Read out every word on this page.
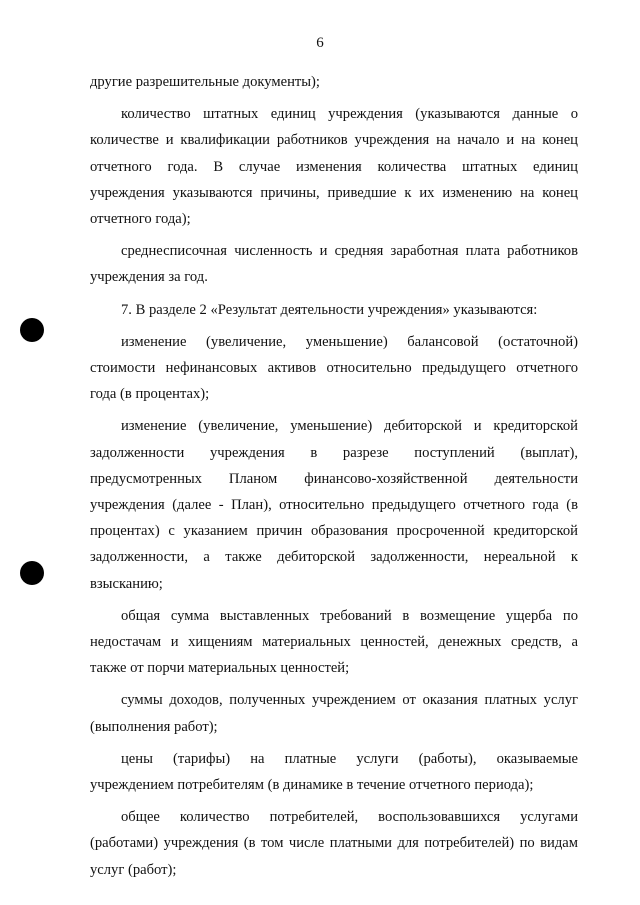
6
другие разрешительные документы);
количество штатных единиц учреждения (указываются данные о
количестве и квалификации работников учреждения на начало и на конец
отчетного года. В случае изменения количества штатных единиц
учреждения указываются причины, приведшие к их изменению на конец
отчетного года);
среднесписочная численность и средняя заработная плата работников
учреждения за год.
7. В разделе 2 «Результат деятельности учреждения» указываются:
изменение (увеличение, уменьшение) балансовой (остаточной)
стоимости нефинансовых активов относительно предыдущего отчетного
года (в процентах);
изменение (увеличение, уменьшение) дебиторской и кредиторской
задолженности учреждения в разрезе поступлений (выплат),
предусмотренных Планом финансово-хозяйственной деятельности
учреждения (далее - План), относительно предыдущего отчетного года (в
процентах) с указанием причин образования просроченной кредиторской
задолженности, а также дебиторской задолженности, нереальной к
взысканию;
общая сумма выставленных требований в возмещение ущерба по
недостачам и хищениям материальных ценностей, денежных средств, а
также от порчи материальных ценностей;
суммы доходов, полученных учреждением от оказания платных услуг
(выполнения работ);
цены (тарифы) на платные услуги (работы), оказываемые
учреждением потребителям (в динамике в течение отчетного периода);
общее количество потребителей, воспользовавшихся услугами
(работами) учреждения (в том числе платными для потребителей) по видам
услуг (работ);
